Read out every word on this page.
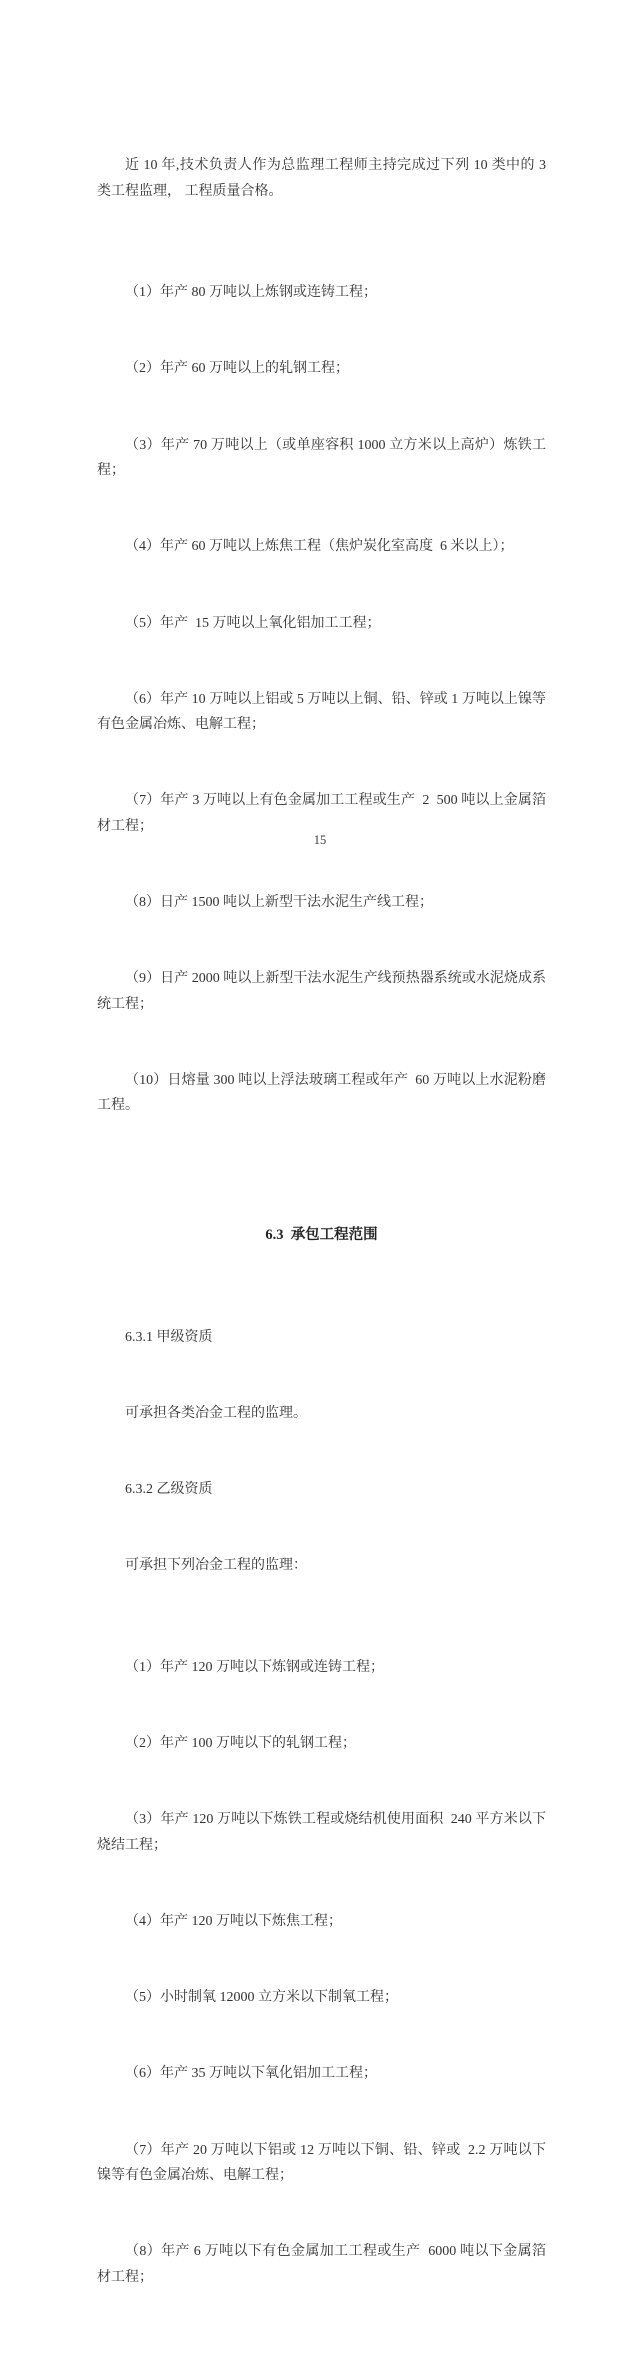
近 10 年,技术负责人作为总监理工程师主持完成过下列 10 类中的 3 类工程监理， 工程质量合格。

（1）年产 80 万吨以上炼钢或连铸工程；

（2）年产 60 万吨以上的轧钢工程；

（3）年产 70 万吨以上（或单座容积 1000 立方米以上高炉）炼铁工程；

（4）年产 60 万吨以上炼焦工程（焦炉炭化室高度  6 米以上）；

（5）年产  15 万吨以上氧化铝加工工程；

（6）年产 10 万吨以上铝或 5 万吨以上铜、铅、锌或 1 万吨以上镍等有色金属冶炼、电解工程；

（7）年产 3 万吨以上有色金属加工工程或生产  2  500 吨以上金属箔材工程；

（8）日产 1500 吨以上新型干法水泥生产线工程；

（9）日产 2000 吨以上新型干法水泥生产线预热器系统或水泥烧成系统工程；

（10）日熔量 300 吨以上浮法玻璃工程或年产  60 万吨以上水泥粉磨工程。

6.3  承包工程范围

6.3.1 甲级资质

可承担各类冶金工程的监理。

6.3.2 乙级资质

可承担下列冶金工程的监理：

（1）年产 120 万吨以下炼钢或连铸工程；

（2）年产 100 万吨以下的轧钢工程；

（3）年产 120 万吨以下炼铁工程或烧结机使用面积  240 平方米以下烧结工程；

（4）年产 120 万吨以下炼焦工程；

（5）小时制氧 12000 立方米以下制氧工程；

（6）年产 35 万吨以下氧化铝加工工程；

（7）年产 20 万吨以下铝或 12 万吨以下铜、铅、锌或  2.2 万吨以下镍等有色金属冶炼、电解工程；

（8）年产 6 万吨以下有色金属加工工程或生产  6000 吨以下金属箔材工程；

15
